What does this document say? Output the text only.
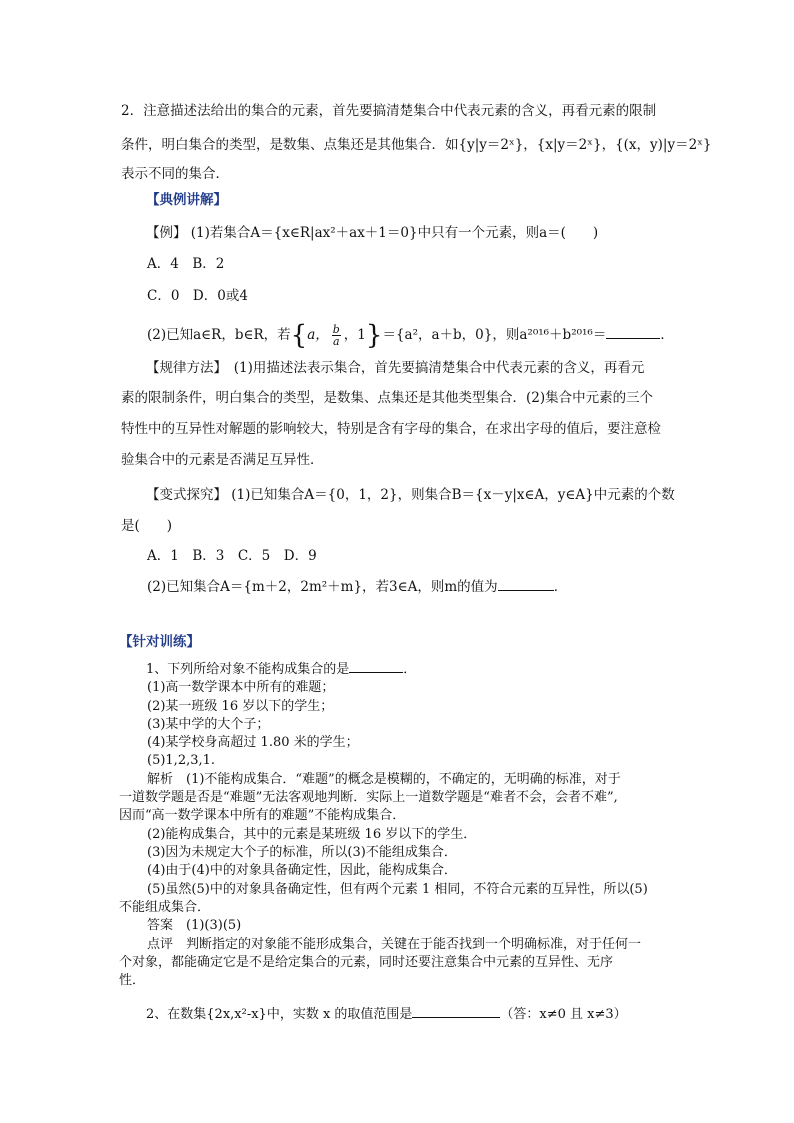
2．注意描述法给出的集合的元素，首先要搞清楚集合中代表元素的含义，再看元素的限制
条件，明白集合的类型，是数集、点集还是其他集合．如{y|y＝2ˣ}，{x|y＝2ˣ}，{(x，y)|y＝2ˣ}
表示不同的集合．
【典例讲解】
【例】 (1)若集合A＝{x∈R|ax²＋ax＋1＝0}中只有一个元素，则a＝(　　)
A．4　B．2
C．0　D．0或4
(2)已知a∈R，b∈R，若{a， $\frac{b}{a}$ ，1}＝{a²，a＋b，0}，则a²⁰¹⁶＋b²⁰¹⁶＝	．
【规律方法】　(1)用描述法表示集合，首先要搞清楚集合中代表元素的含义，再看元
素的限制条件，明白集合的类型，是数集、点集还是其他类型集合．(2)集合中元素的三个
特性中的互异性对解题的影响较大，特别是含有字母的集合，在求出字母的值后，要注意检
验集合中的元素是否满足互异性．
【变式探究】 (1)已知集合A＝{0，1，2}，则集合B＝{x－y|x∈A，y∈A}中元素的个数
是(　　)
A．1　B．3　C．5　D．9
(2)已知集合A＝{m＋2，2m²＋m}，若3∈A，则m的值为	．
【针对训练】
1、下列所给对象不能构成集合的是	．
(1)高一数学课本中所有的难题；
(2)某一班级 16 岁以下的学生；
(3)某中学的大个子；
(4)某学校身高超过 1.80 米的学生；
(5)1,2,3,1.
解析　(1)不能构成集合．“难题”的概念是模糊的，不确定的，无明确的标准，对于
一道数学题是否是“难题”无法客观地判断．实际上一道数学题是“难者不会，会者不难”,
因而“高一数学课本中所有的难题”不能构成集合．
(2)能构成集合，其中的元素是某班级 16 岁以下的学生．
(3)因为未规定大个子的标准，所以(3)不能组成集合．
(4)由于(4)中的对象具备确定性，因此，能构成集合．
(5)虽然(5)中的对象具备确定性，但有两个元素 1 相同，不符合元素的互异性，所以(5)
不能组成集合．
答案　(1)(3)(5)
点评　判断指定的对象能不能形成集合，关键在于能否找到一个明确标准，对于任何一
个对象，都能确定它是不是给定集合的元素，同时还要注意集合中元素的互异性、无序
性．
2、在数集{2x,x²-x}中，实数 x 的取值范围是	（答：x≠0 且 x≠3）
